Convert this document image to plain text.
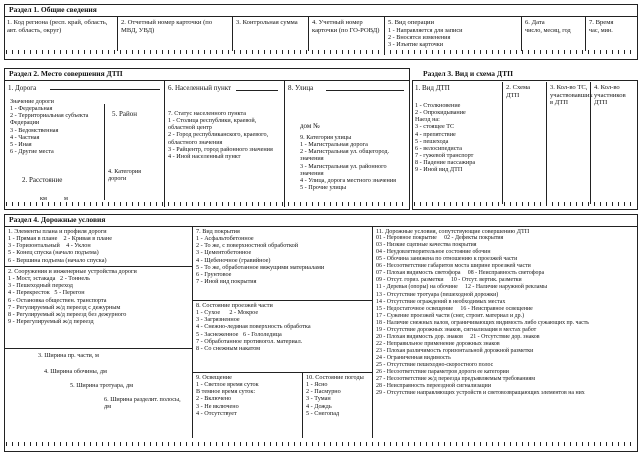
Раздел 1. Общие сведения
1. Код региона (респ. край, область, авт. область, округ)
2. Отчетный номер карточки (по МВД, УВД)
3. Контрольная сумма	4. Учетный номер карточки (по ГО-РОВД)
5. Вид операции
1 - Направляется для записи
2 - Вносятся изменения
3 - Изъятие карточки
6. Дата
число, месяц, год
7. Время
час, мин.
Раздел 2. Место совершения ДТП
1. Дорога
Значение дороги
1 - Федеральная
2 - Территориальная субъекта Федерации
3 - Ведомственная
4 - Частная
5 - Иная
6 - Другие места
5. Район
2. Расстояние
км	м
4. Категория дороги
6. Населенный пункт
7. Статус населенного пункта
1 - Столица республики, краевой, областной центр
2 - Город республиканского, краевого, областного значения
3 - Райцентр, город районного значения
4 - Иной населенный пункт
8. Улица
дом №
9. Категория улицы
1 - Магистральная дорога
2 - Магистральная ул. общегород. значения
3 - Магистральная ул. районного значения
4 - Улица, дорога местного значения
5 - Прочие улицы
Раздел 3. Вид и схема ДТП
1. Вид ДТП
1 - Столкновение
2 - Опрокидывание
Наезд на:
3 - стоящее ТС
4 - препятствие
5 - пешехода
6 - велосипедиста
7 - гужевой транспорт
8 - Падение пассажира
9 - Иной вид ДТП
2. Схема ДТП
3. Кол-во ТС, участвовавших в ДТП
4. Кол-во участников ДТП
Раздел 4. Дорожные условия
1. Элементы плана и профиля дороги
1 - Прямая в плане 2 - Кривая в плане
3 - Горизонтальный 4 - Уклон
5 - Конец спуска (начало подъема)
6 - Вершина подъема (начало спуска)
2. Сооружения и инженерные устройства дороги
1 - Мост, эстакада 2 - Тоннель
3 - Пешеходный переход
4 - Перекресток 5 - Перегон
6 - Остановка обществен. транспорта
7 - Регулируемый ж/д переезд с дежурным
8 - Регулируемый ж/д переезд без дежурного
9 - Нерегулируемый ж/д переезд
3. Ширина пр. части, м
4. Ширина обочины, дм
5. Ширина тротуара, дм
6. Ширина разделит. полосы, дм
7. Вид покрытия
1 - Асфальтобетонное
2 - То же, с поверхностной обработкой
3 - Цементобетонное
4 - Щебеночное (гравийное)
5 - То же, обработанное вяжущими материалами
6 - Грунтовое
7 - Иной вид покрытия
8. Состояние проезжей части
1 - Сухое 2 - Мокрое
3 - Загрязненное
4 - Снежно-ледяная поверхность обработка
5 - Заснеженное 6 - Гололедица
7 - Обработанное противогол. материал.
8 - Со снежным накатом
9. Освещение
1 - Светлое время суток
В темное время суток:
2 - Включено
3 - Не включено
4 - Отсутствует
10. Состояние погоды
1 - Ясно
2 - Пасмурно
3 - Туман
4 - Дождь
5 - Снегопад
11. Дорожные условия, сопутствующие совершению ДТП
01 - Неровное покрытие     02 - Дефекты покрытия
03 - Низкие сцепные качества покрытия
04 - Неудовлетворительное состояние обочин
05 - Обочина занижена по отношению к проезжей части
06 - Несоответствие габаритов моста ширине проезжей части
07 - Плохая видимость светофора     08 - Неисправность светофора
09 - Отсут. гориз. разметки     10 - Отсут. вертик. разметки
11 - Деревья (опоры) на обочине     12 - Наличие наружной рекламы
13 - Отсутствие тротуара (пешеходной дорожки)
14 - Отсутствие ограждений в необходимых местах
15 - Недостаточное освещение     16 - Неисправное освещение
17 - Сужение проезжей части (снег, строит. материал и др.)
18 - Наличие снежных валов, ограничивающих видимость либо сужающих пр. часть
19 - Отсутствие дорожных знаков, сигнализация в местах работ
20 - Плохая видимость дор. знаков     21 - Отсутствие дор. знаков
22 - Неправильное применение дорожных знаков
23 - Плохая различимость горизонтальной дорожной разметки
24 - Ограниченная видимость
25 - Отсутствие пешеходно-скоростного полос
26 - Несоответствие параметров дороги ее категории
27 - Несоответствие ж/д переезда предъявляемым требованиям
28 - Неисправность переездной сигнализации
29 - Отсутствие направляющих устройств и световозвращающих элементов на них
